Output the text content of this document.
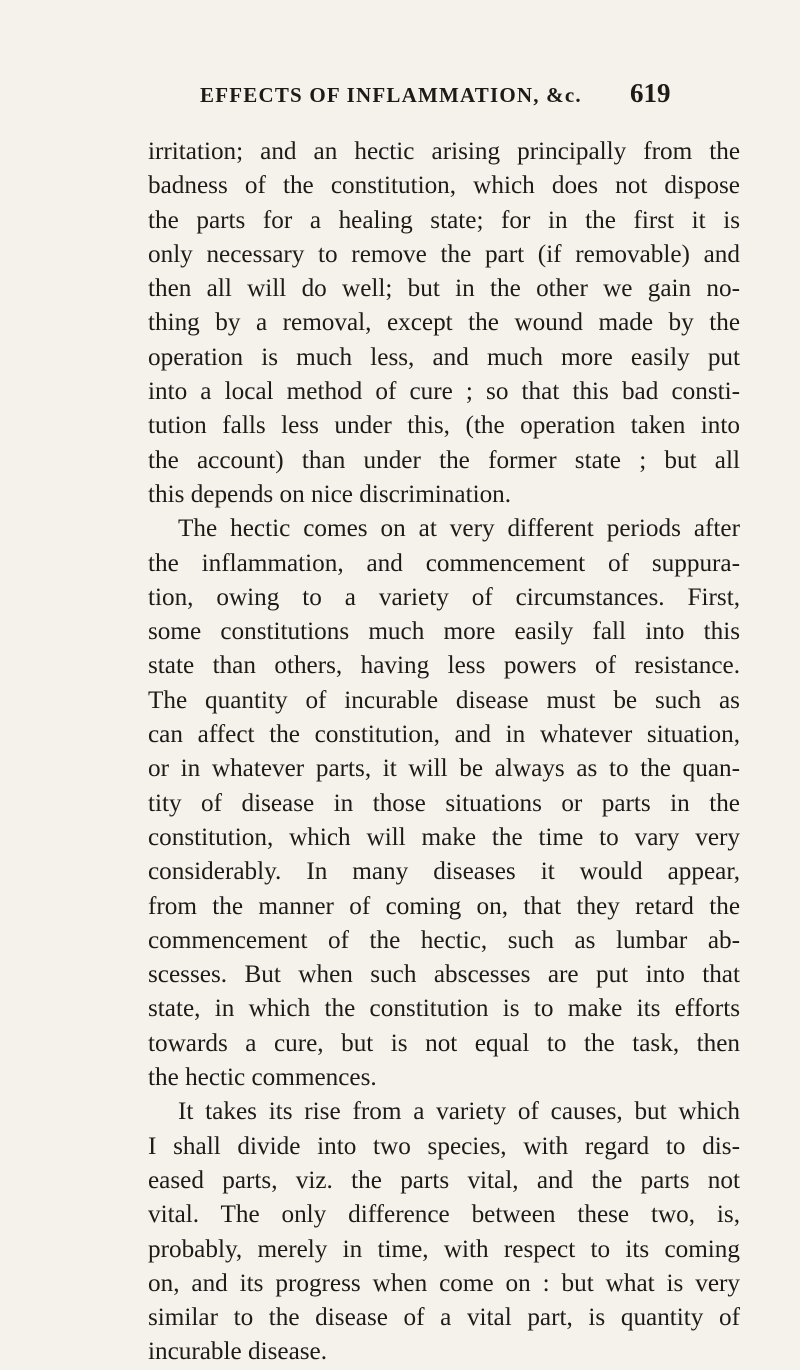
EFFECTS OF INFLAMMATION, &c.	619
irritation; and an hectic arising principally from the
badness of the constitution, which does not dispose
the parts for a healing state; for in the first it is
only necessary to remove the part (if removable) and
then all will do well; but in the other we gain no-
thing by a removal, except the wound made by the
operation is much less, and much more easily put
into a local method of cure ; so that this bad consti-
tution falls less under this, (the operation taken into
the account) than under the former state ; but all
this depends on nice discrimination.
The hectic comes on at very different periods after
the inflammation, and commencement of suppura-
tion, owing to a variety of circumstances. First,
some constitutions much more easily fall into this
state than others, having less powers of resistance.
The quantity of incurable disease must be such as
can affect the constitution, and in whatever situation,
or in whatever parts, it will be always as to the quan-
tity of disease in those situations or parts in the
constitution, which will make the time to vary very
considerably. In many diseases it would appear,
from the manner of coming on, that they retard the
commencement of the hectic, such as lumbar ab-
scesses. But when such abscesses are put into that
state, in which the constitution is to make its efforts
towards a cure, but is not equal to the task, then
the hectic commences.
It takes its rise from a variety of causes, but which
I shall divide into two species, with regard to dis-
eased parts, viz. the parts vital, and the parts not
vital. The only difference between these two, is,
probably, merely in time, with respect to its coming
on, and its progress when come on : but what is very
similar to the disease of a vital part, is quantity of
incurable disease.
